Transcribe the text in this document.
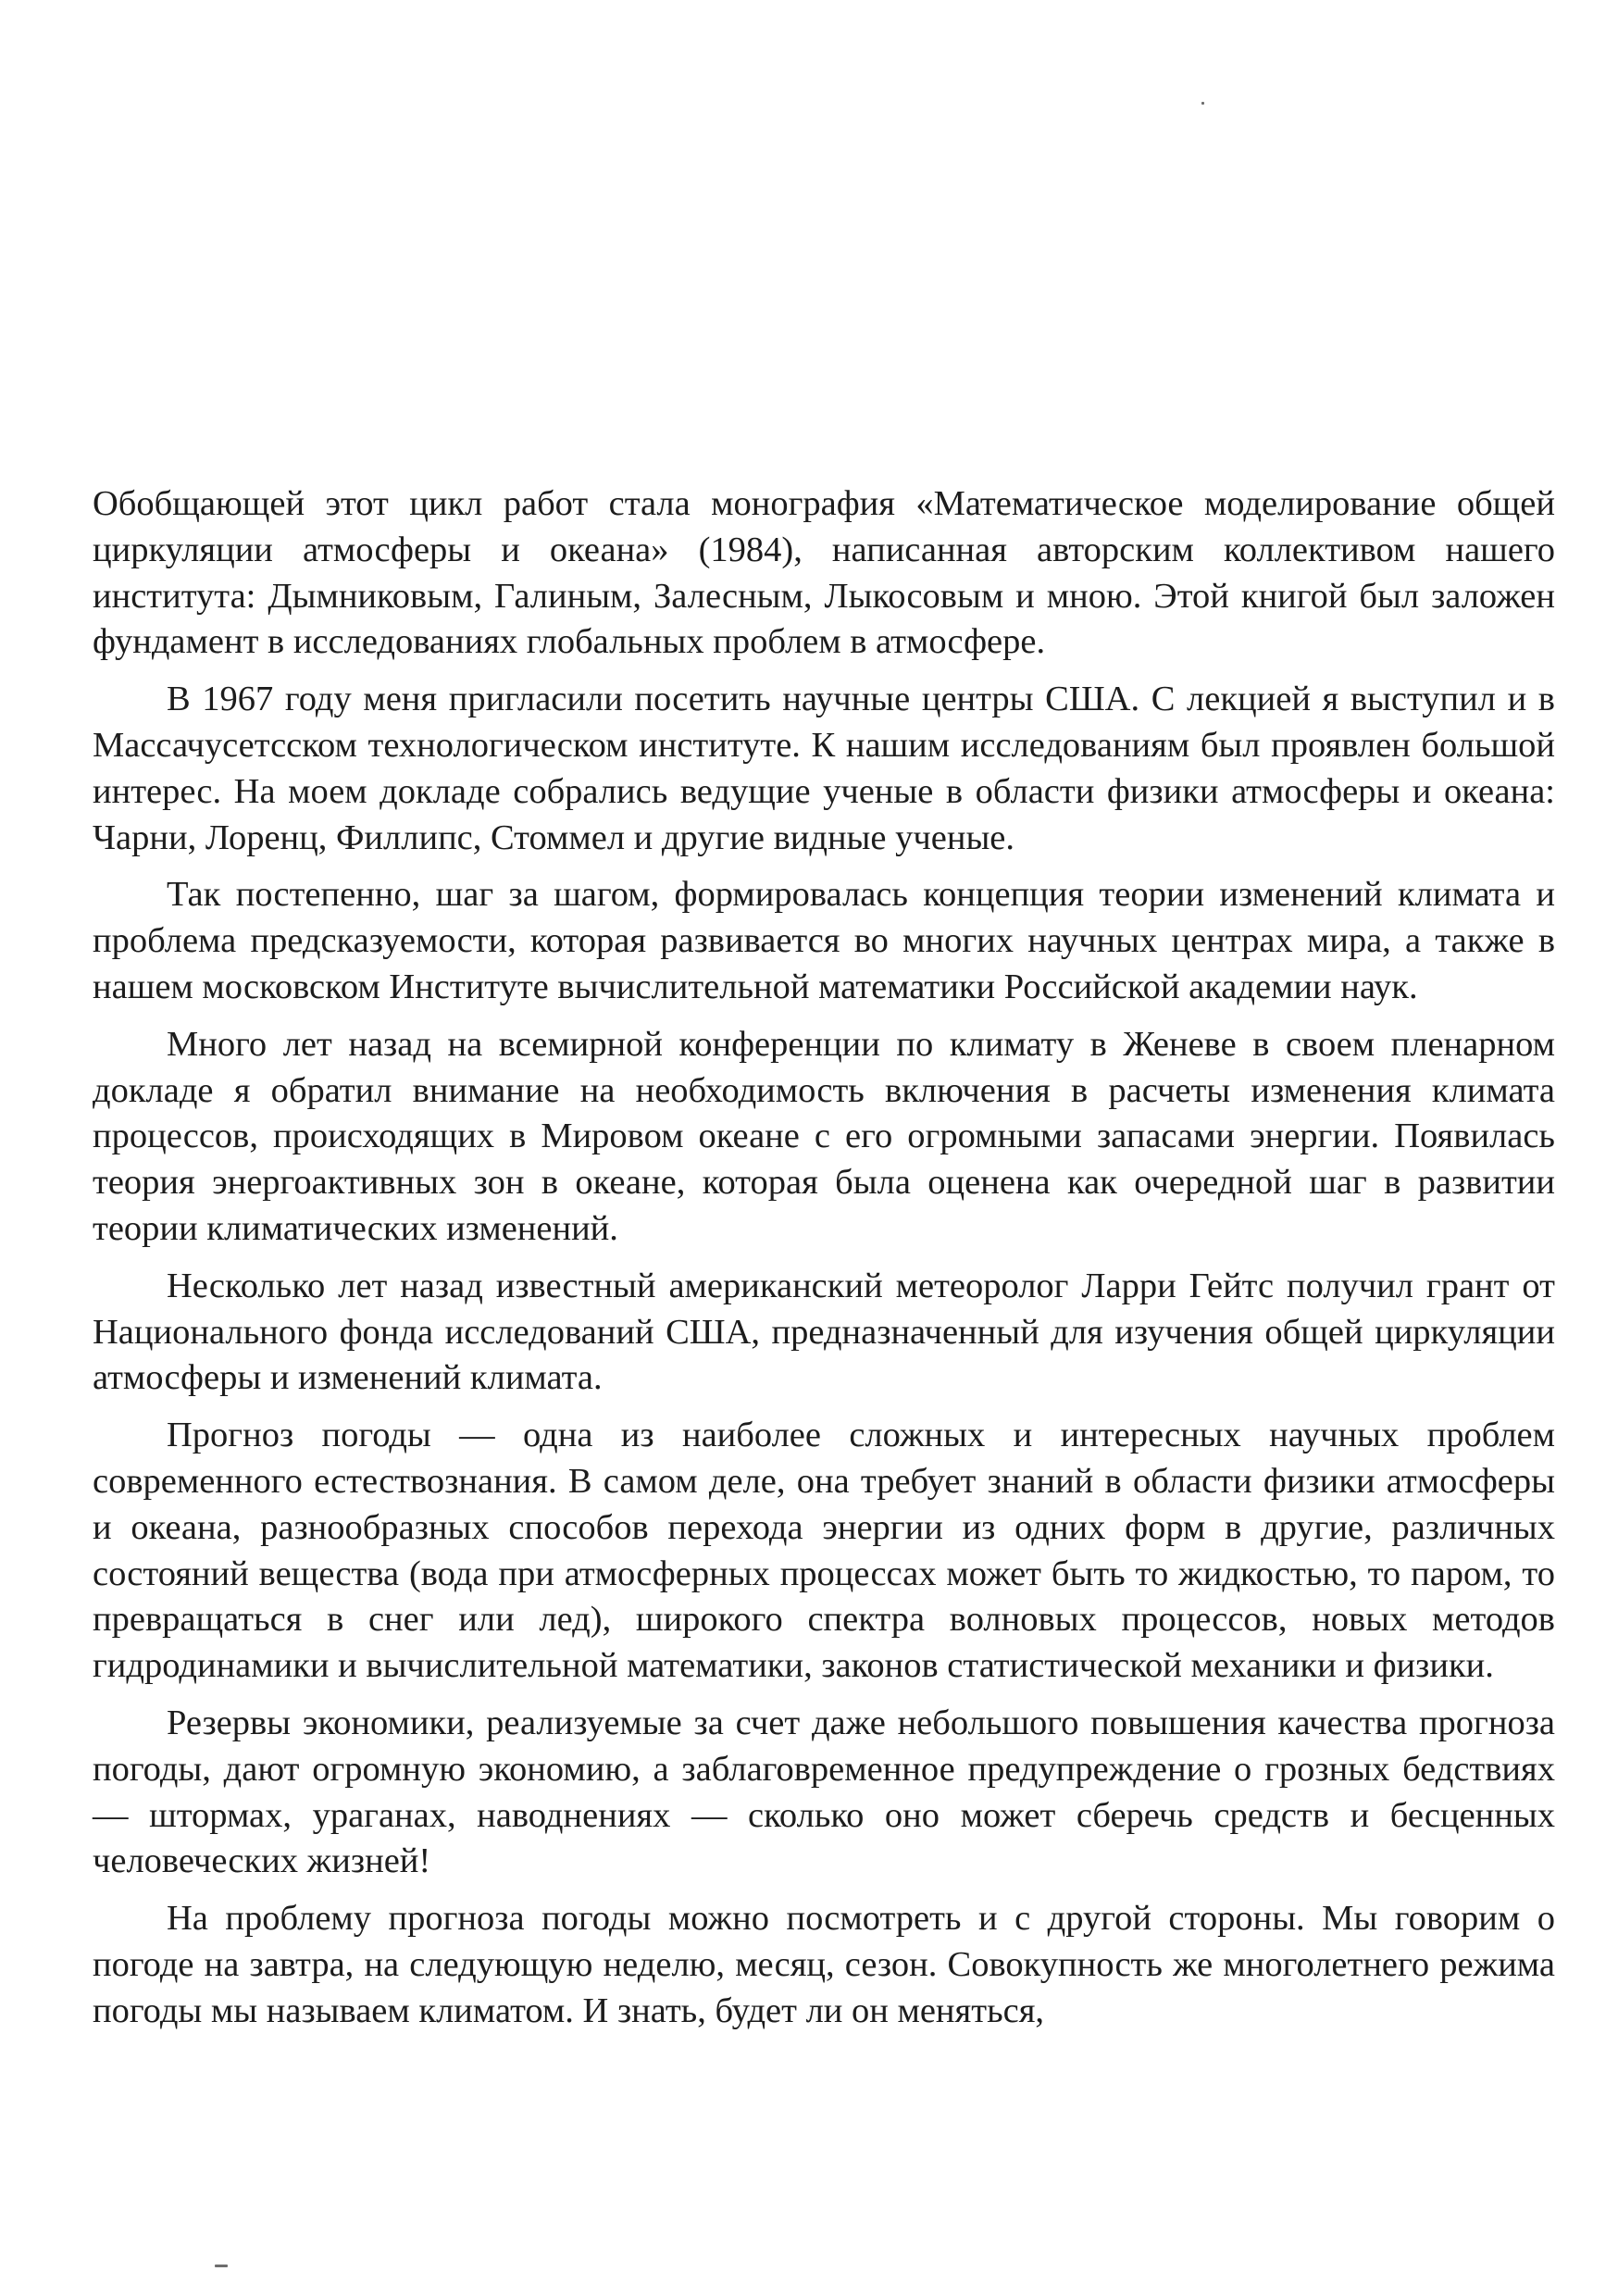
Обобщающей этот цикл работ стала монография «Математическое моделирование общей циркуляции атмосферы и океана» (1984), написанная авторским коллективом нашего института: Дымниковым, Галиным, Залесным, Лыкосовым и мною. Этой книгой был заложен фундамент в исследованиях глобальных проблем в атмосфере.

В 1967 году меня пригласили посетить научные центры США. С лекцией я выступил и в Массачусетсском технологическом институте. К нашим исследованиям был проявлен большой интерес. На моем докладе собрались ведущие ученые в области физики атмосферы и океана: Чарни, Лоренц, Филлипс, Стоммел и другие видные ученые.

Так постепенно, шаг за шагом, формировалась концепция теории изменений климата и проблема предсказуемости, которая развивается во многих научных центрах мира, а также в нашем московском Институте вычислительной математики Российской академии наук.

Много лет назад на всемирной конференции по климату в Женеве в своем пленарном докладе я обратил внимание на необходимость включения в расчеты изменения климата процессов, происходящих в Мировом океане с его огромными запасами энергии. Появилась теория энергоактивных зон в океане, которая была оценена как очередной шаг в развитии теории климатических изменений.

Несколько лет назад известный американский метеоролог Ларри Гейтс получил грант от Национального фонда исследований США, предназначенный для изучения общей циркуляции атмосферы и изменений климата.

Прогноз погоды — одна из наиболее сложных и интересных научных проблем современного естествознания. В самом деле, она требует знаний в области физики атмосферы и океана, разнообразных способов перехода энергии из одних форм в другие, различных состояний вещества (вода при атмосферных процессах может быть то жидкостью, то паром, то превращаться в снег или лед), широкого спектра волновых процессов, новых методов гидродинамики и вычислительной математики, законов статистической механики и физики.

Резервы экономики, реализуемые за счет даже небольшого повышения качества прогноза погоды, дают огромную экономию, а заблаговременное предупреждение о грозных бедствиях — штормах, ураганах, наводнениях — сколько оно может сберечь средств и бесценных человеческих жизней!

На проблему прогноза погоды можно посмотреть и с другой стороны. Мы говорим о погоде на завтра, на следующую неделю, месяц, сезон. Совокупность же многолетнего режима погоды мы называем климатом. И знать, будет ли он меняться,
